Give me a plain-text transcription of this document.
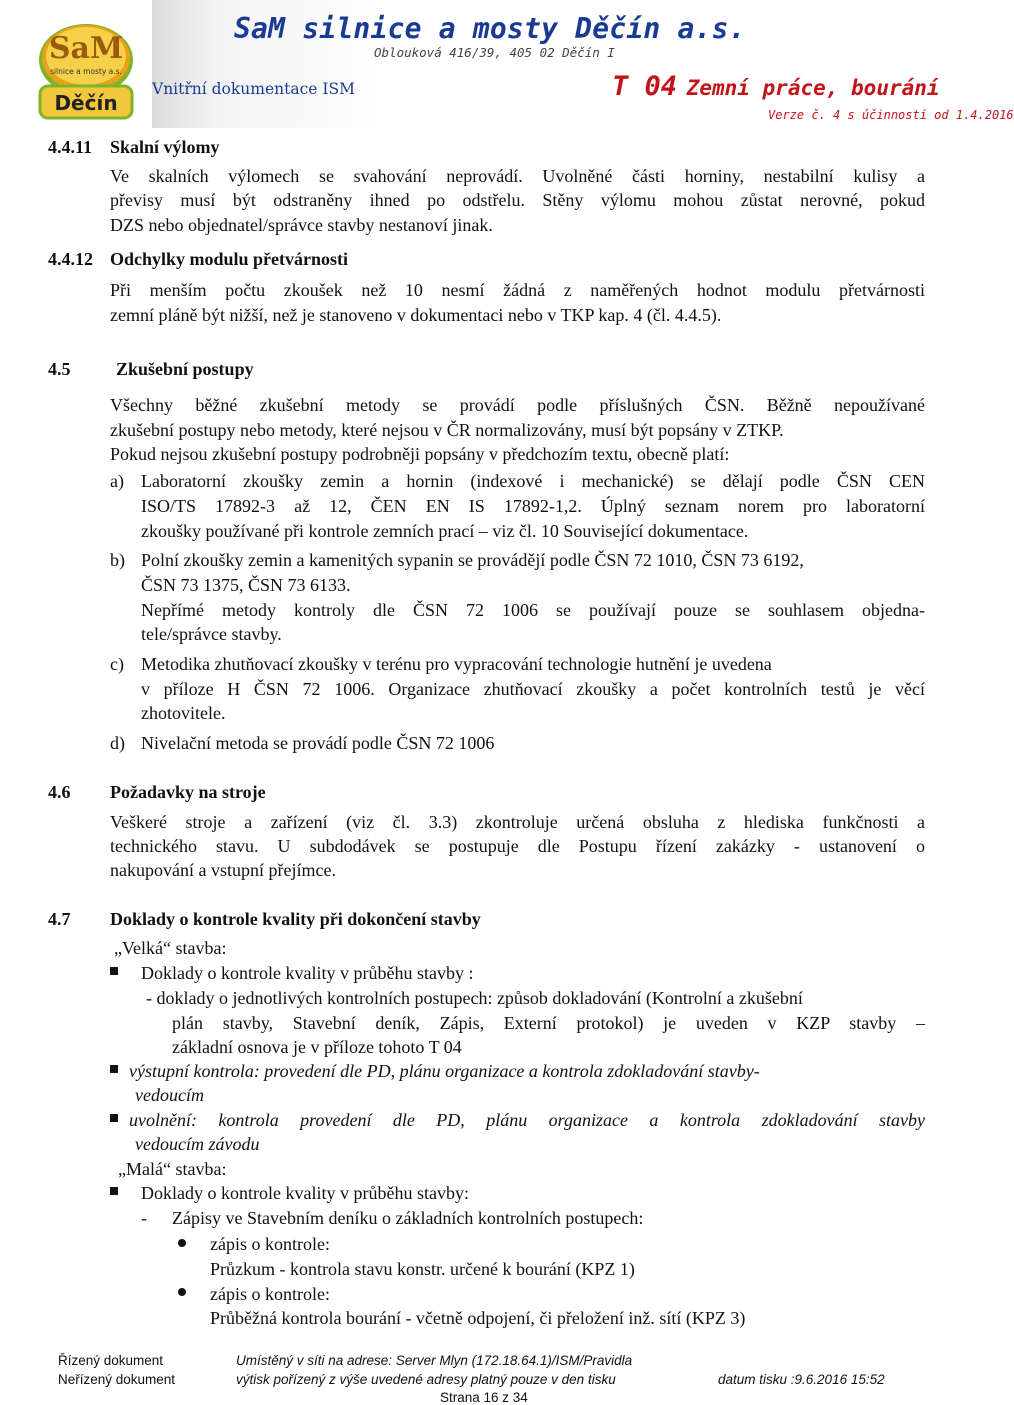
SaM
silnice a mosty a.s.
Děčín
SaM silnice a mosty Děčín a.s.
Oblouková 416/39, 405 02 Děčín I
Vnitřní dokumentace ISM	T 04 Zemní práce, bourání
Verze č. 4 s účinností od 1.4.2016
4.4.11 Skalní výlomy
Ve skalních výlomech se svahování neprovádí. Uvolněné části horniny, nestabilní kulisy a
převisy musí být odstraněny ihned po odstřelu. Stěny výlomu mohou zůstat nerovné, pokud
DZS nebo objednatel/správce stavby nestanoví jinak.
4.4.12 Odchylky modulu přetvárnosti
Při menším počtu zkoušek než 10 nesmí žádná z naměřených hodnot modulu přetvárnosti
zemní pláně být nižší, než je stanoveno v dokumentaci nebo v TKP kap. 4 (čl. 4.4.5).
4.5	Zkušební postupy
Všechny běžné zkušební metody se provádí podle příslušných ČSN. Běžně nepoužívané
zkušební postupy nebo metody, které nejsou v ČR normalizovány, musí být popsány v ZTKP.
Pokud nejsou zkušební postupy podrobněji popsány v předchozím textu, obecně platí:
a) Laboratorní zkoušky zemin a hornin (indexové i mechanické) se dělají podle ČSN CEN
ISO/TS 17892-3 až 12, ČEN EN IS 17892-1,2. Úplný seznam norem pro laboratorní
zkoušky používané při kontrole zemních prací – viz čl. 10 Související dokumentace.
b) Polní zkoušky zemin a kamenitých sypanin se provádějí podle ČSN 72 1010, ČSN 73 6192,
ČSN 73 1375, ČSN 73 6133.
Nepřímé metody kontroly dle ČSN 72 1006 se používají pouze se souhlasem objedna-
tele/správce stavby.
c) Metodika zhutňovací zkoušky v terénu pro vypracování technologie hutnění je uvedena
v příloze H ČSN 72 1006. Organizace zhutňovací zkoušky a počet kontrolních testů je věcí
zhotovitele.
d) Nivelační metoda se provádí podle ČSN 72 1006
4.6 Požadavky na stroje
Veškeré stroje a zařízení (viz čl. 3.3) zkontroluje určená obsluha z hlediska funkčnosti a
technického stavu. U subdodávek se postupuje dle Postupu řízení zakázky - ustanovení o
nakupování a vstupní přejímce.
4.7 Doklady o kontrole kvality při dokončení stavby
„Velká“ stavba:
Doklady o kontrole kvality v průběhu stavby :
- doklady o jednotlivých kontrolních postupech: způsob dokladování (Kontrolní a zkušební
plán stavby, Stavební deník, Zápis, Externí protokol) je uveden v KZP stavby –
základní osnova je v příloze tohoto T 04
výstupní kontrola: provedení dle PD, plánu organizace a kontrola zdokladování stavby-
vedoucím
uvolnění: kontrola provedení dle PD, plánu organizace a kontrola zdokladování stavby
vedoucím závodu
„Malá“ stavba:
Doklady o kontrole kvality v průběhu stavby:
- Zápisy ve Stavebním deníku o základních kontrolních postupech:
zápis o kontrole:
Průzkum - kontrola stavu konstr. určené k bourání (KPZ 1)
zápis o kontrole:
Průběžná kontrola bourání - včetně odpojení, či přeložení inž. sítí (KPZ 3)
Řízený dokument
Neřízený dokument
Umístěný v síti na adrese: Server Mlyn (172.18.64.1)/ISM/Pravidla
výtisk pořízený z výše uvedené adresy platný pouze v den tisku	datum tisku :9.6.2016 15:52
Strana 16 z 34
